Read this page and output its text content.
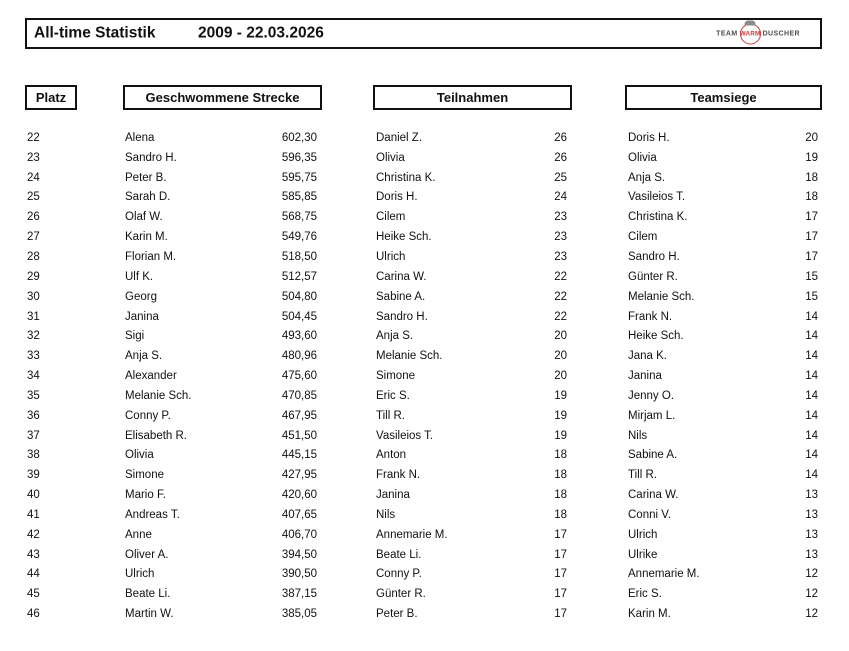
All-time Statistik	2009 - 22.03.2026	TEAM WARM DUSCHER
Platz	Geschwommene Strecke	Teilnahmen	Teamsiege
22	Alena	602,30	Daniel Z.	26	Doris H.	20
23	Sandro H.	596,35	Olivia	26	Olivia	19
24	Peter B.	595,75	Christina K.	25	Anja S.	18
25	Sarah D.	585,85	Doris H.	24	Vasileios T.	18
26	Olaf W.	568,75	Cilem	23	Christina K.	17
27	Karin M.	549,76	Heike Sch.	23	Cilem	17
28	Florian M.	518,50	Ulrich	23	Sandro H.	17
29	Ulf K.	512,57	Carina W.	22	Günter R.	15
30	Georg	504,80	Sabine A.	22	Melanie Sch.	15
31	Janina	504,45	Sandro H.	22	Frank N.	14
32	Sigi	493,60	Anja S.	20	Heike Sch.	14
33	Anja S.	480,96	Melanie Sch.	20	Jana K.	14
34	Alexander	475,60	Simone	20	Janina	14
35	Melanie Sch.	470,85	Eric S.	19	Jenny O.	14
36	Conny P.	467,95	Till R.	19	Mirjam L.	14
37	Elisabeth R.	451,50	Vasileios T.	19	Nils	14
38	Olivia	445,15	Anton	18	Sabine A.	14
39	Simone	427,95	Frank N.	18	Till R.	14
40	Mario F.	420,60	Janina	18	Carina W.	13
41	Andreas T.	407,65	Nils	18	Conni V.	13
42	Anne	406,70	Annemarie M.	17	Ulrich	13
43	Oliver A.	394,50	Beate Li.	17	Ulrike	13
44	Ulrich	390,50	Conny P.	17	Annemarie M.	12
45	Beate Li.	387,15	Günter R.	17	Eric S.	12
46	Martin W.	385,05	Peter B.	17	Karin M.	12
